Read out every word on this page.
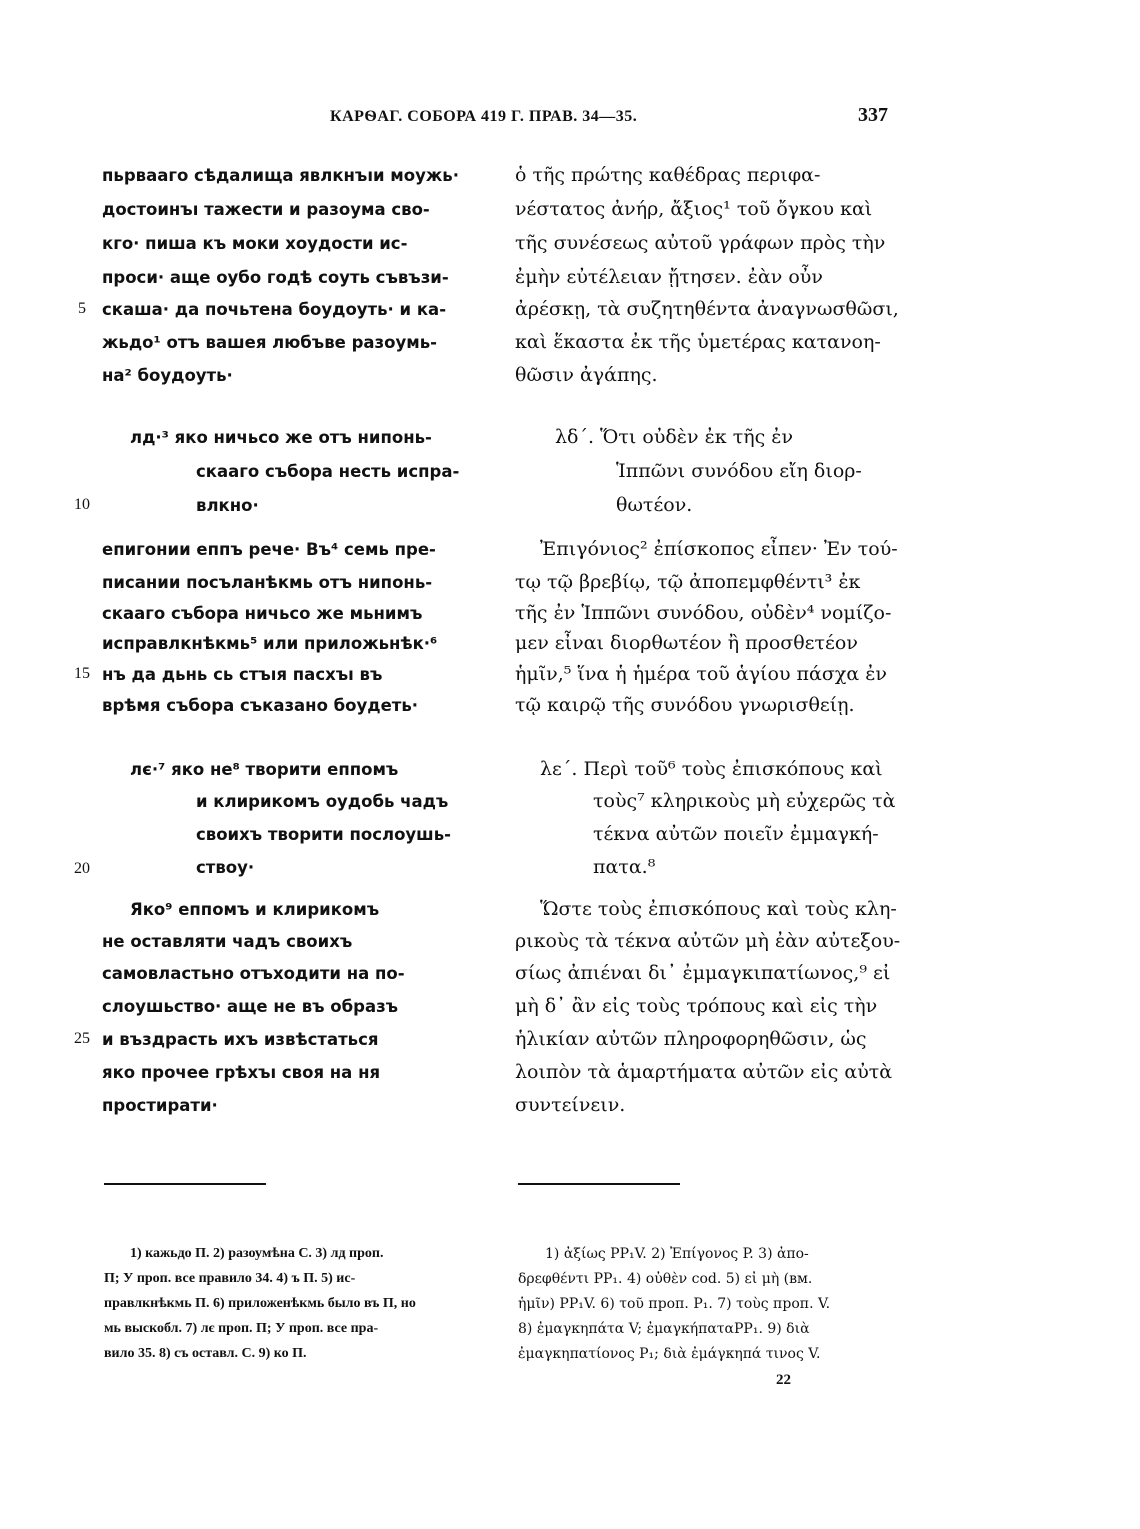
КАРѲАГ. СОБОРА 419 Г. ПРАВ. 34—35.	337
5
10
15
20
25
пьрвааго сѣдалища явлкнъıи моужь·
достоинъı тажести и разоума сво-
кго· пиша къ моки хоудости ис-
проси· аще оубо годѣ соуть съвъзи-
скаша· да почьтена боудоуть· и ка-
жьдо¹ отъ вашея любъве разоумь-
на² боудоуть·
лд·³ яко ничьсо же отъ нипонь-
скааго събора несть испра-
влкно·
епигонии еппъ рече· Въ⁴ семь пре-
писании посъланѣкмь отъ нипонь-
скааго събора ничьсо же мьнимъ
исправлкнѣкмь⁵ или приложьнѣк·⁶
нъ да дьнь сь стъıя пасхъı въ
врѣмя събора съказано боудеть·
лє·⁷ яко не⁸ творити еппомъ
и клирикомъ оудобь чадъ
своихъ творити послоушь-
ствоу·
Яко⁹ еппомъ и клирикомъ
не оставляти чадъ своихъ
самовластьно отъходити на по-
слоушьство· аще не въ образъ
и въздрасть ихъ извѣстаться
яко прочее грѣхъı своя на ня
простирати·
ὁ τῆς πρώτης καθέδρας περιφα-
νέστατος ἀνήρ, ἄξιος¹ τοῦ ὄγκου καὶ
τῆς συνέσεως αὐτοῦ γράφων πρὸς τὴν
ἐμὴν εὐτέλειαν ᾔτησεν. ἐὰν οὖν
ἀρέσκῃ, τὰ συζητηθέντα ἀναγνωσθῶσι,
καὶ ἕκαστα ἐκ τῆς ὑμετέρας κατανοη-
θῶσιν ἀγάπης.
λδ΄. Ὅτι οὐδὲν ἐκ τῆς ἐν
Ἱππῶνι συνόδου εἴη διορ-
θωτέον.
Ἐπιγόνιος² ἐπίσκοπος εἶπεν· Ἐν τού-
τῳ τῷ βρεβίῳ, τῷ ἀποπεμφθέντι³ ἐκ
τῆς ἐν Ἱππῶνι συνόδου, οὐδὲν⁴ νομίζο-
μεν εἶναι διορθωτέον ἢ προσθετέον
ἡμῖν,⁵ ἵνα ἡ ἡμέρα τοῦ ἁγίου πάσχα ἐν
τῷ καιρῷ τῆς συνόδου γνωρισθείῃ.
λε΄. Περὶ τοῦ⁶ τοὺς ἐπισκόπους καὶ
τοὺς⁷ κληρικοὺς μὴ εὐχερῶς τὰ
τέκνα αὐτῶν ποιεῖν ἐμμαγκή-
πατα.⁸
Ὥστε τοὺς ἐπισκόπους καὶ τοὺς κλη-
ρικοὺς τὰ τέκνα αὐτῶν μὴ ἐὰν αὐτεξου-
σίως ἀπιέναι δι᾽ ἐμμαγκιπατίωνος,⁹ εἰ
μὴ δ᾽ ἂν εἰς τοὺς τρόπους καὶ εἰς τὴν
ἡλικίαν αὐτῶν πληροφορηθῶσιν, ὡς
λοιπὸν τὰ ἁμαρτήματα αὐτῶν εἰς αὐτὰ
συντείνειν.
1) кажьдо П. 2) разоумѣна С. 3) лд проп.
П; У проп. все правило 34. 4) ъ П. 5) ис-
правлкнѣкмь П. 6) приложенѣкмь было въ П, но
мь выскобл. 7) лє проп. П; У проп. все пра-
вило 35. 8) съ оставл. С. 9) ко П.
1) ἀξίως PP₁V. 2) Ἐπίγονος P. 3) ἀπο-
δρεφθέντι PP₁. 4) οὐθὲν cod. 5) εἰ μὴ (вм.
ἡμῖν) PP₁V. 6) τοῦ проп. P₁. 7) τοὺς проп. V.
8) ἐμαγκηπάτα V; ἐμαγκήπαταPP₁. 9) διὰ
ἐμαγκηπατίονος P₁; διὰ ἐμάγκηπά τινος V.
22
